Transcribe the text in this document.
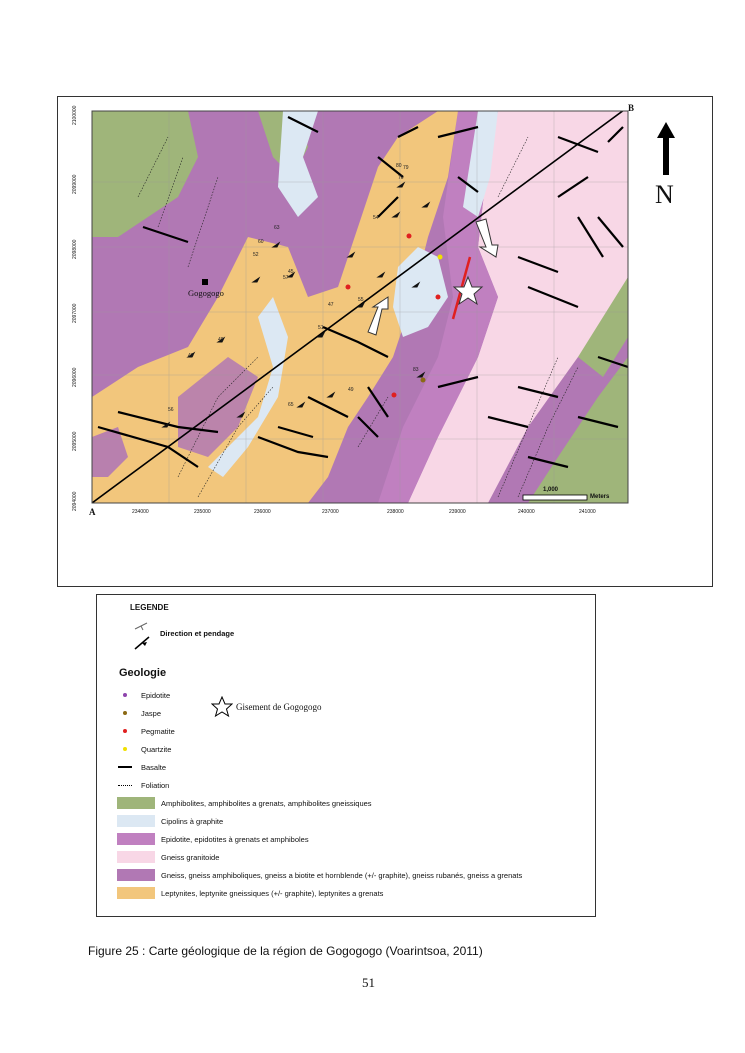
80
60
63
52
45
57
48
79
51
49
55
49
56
65
70
54
83
47
Gogogogo
A
B
1,000
Meters
234000	235000	236000	237000	238000	239000	240000	241000
2100000
2099000
2098000
2097000
2096000
2095000
2094000
N
LEGENDE
Direction et pendage
Geologie
Gisement de Gogogogo
Epidotite
Jaspe
Pegmatite
Quartzite
Basalte
Foliation
Amphibolites, amphibolites a grenats, amphibolites gneissiques
Cipolins à graphite
Epidotite, epidotites à grenats et amphiboles
Gneiss granitoide
Gneiss, gneiss amphiboliques, gneiss a biotite et hornblende (+/- graphite), gneiss rubanés, gneiss a grenats
Leptynites, leptynite gneissiques (+/- graphite), leptynites a grenats
Figure 25 : Carte géologique de la région de Gogogogo (Voarintsoa, 2011)
51
